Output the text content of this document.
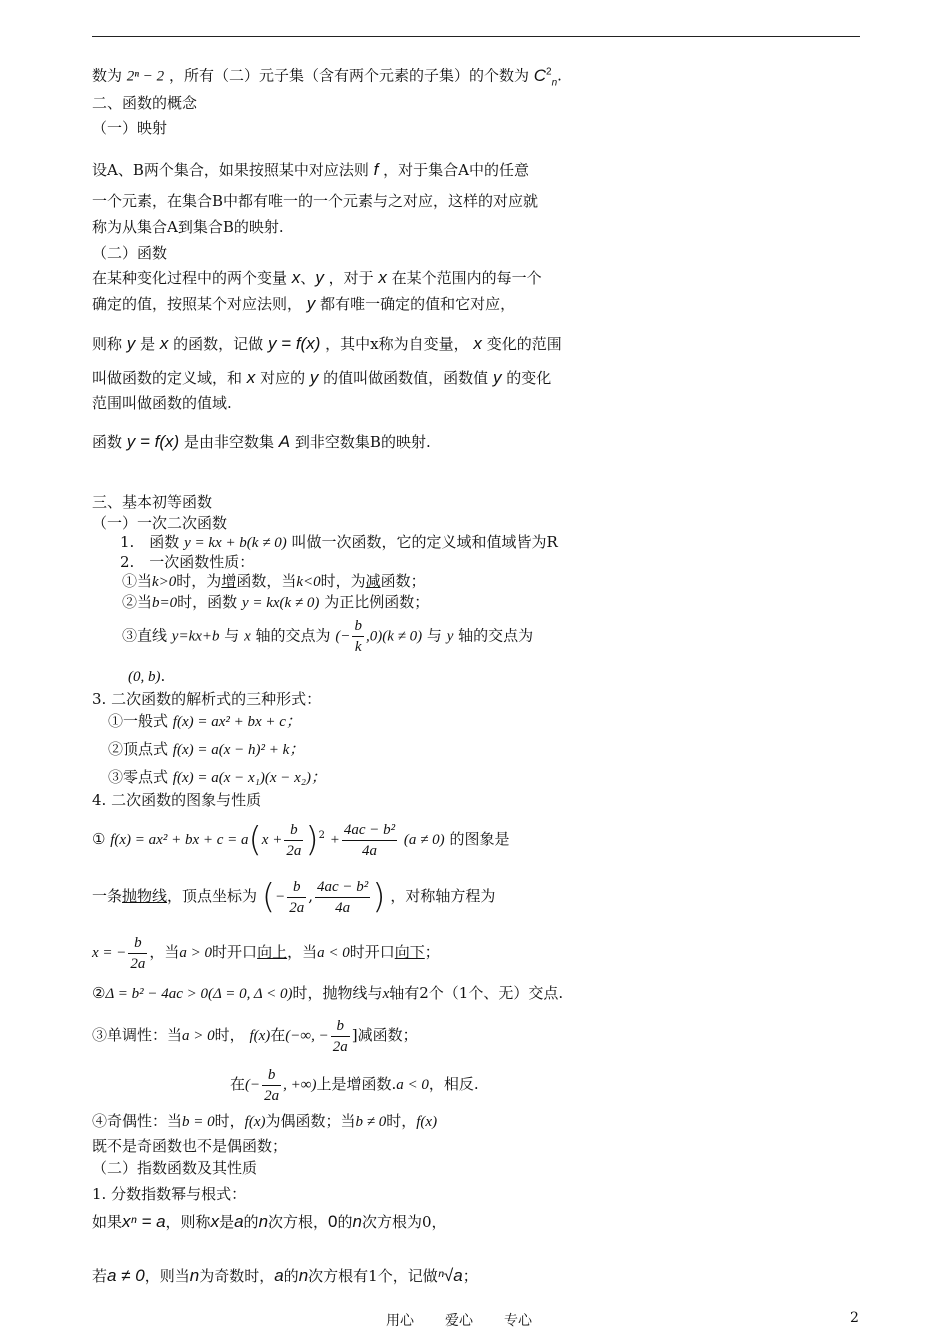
数为 2ⁿ − 2 ，所有（二）元子集（含有两个元素的子集）的个数为 $C^2_n$.
二、函数的概念
（一）映射
设A、B两个集合，如果按照某中对应法则 f ，对于集合A中的任意
一个元素，在集合B中都有唯一的一个元素与之对应，这样的对应就
称为从集合A到集合B的映射.
（二）函数
在某种变化过程中的两个变量 x、y ，对于 x 在某个范围内的每一个
确定的值，按照某个对应法则， y 都有唯一确定的值和它对应，
则称 y 是 x 的函数，记做 y = f(x) ，其中x称为自变量， x 变化的范围
叫做函数的定义域，和 x 对应的 y 的值叫做函数值，函数值 y 的变化
范围叫做函数的值域.
函数 y = f(x) 是由非空数集 A 到非空数集B的映射.
三、基本初等函数
（一）一次二次函数
1.　函数 y = kx + b(k ≠ 0) 叫做一次函数，它的定义域和值域皆为R
2.　一次函数性质：
①当k>0时，为增函数，当k<0时，为减函数；
②当b=0时，函数 y = kx(k ≠ 0) 为正比例函数；
③直线 y=kx+b 与 x 轴的交点为 (− $\frac{b}{k} ,0)(k \ne 0)$ 与 y 轴的交点为
(0, b).
3. 二次函数的解析式的三种形式：
①一般式 f(x) = ax² + bx + c；
②顶点式 f(x) = a(x − h)² + k；
③零点式 f(x) = a(x − x₁)(x − x₂)；
4. 二次函数的图象与性质
① f(x) = ax² + bx + $c = a(x + \frac{b}{2a} )^2 + \frac{\text{4ac − b²}}{4a} (a \ne 0)$ 的图象是
一条抛物线，顶点坐标为 (− $\frac{b}{2a}$ , $\frac{\text{4ac − b²}}{4a}$ ) ，对称轴方程为
x = − $\frac{b}{2a}$ ，当a > 0时开口向上，当a < 0时开口向下；
②Δ = b² − 4ac > 0(Δ = 0, Δ < 0)时，抛物线与x轴有2个（1个、无）交点.
③单调性：当a > 0时， f(x)在(−∞, − $\frac{b}{2a}$ ]减函数；
在(− $\frac{b}{2a}$ , +∞)上是增函数.a < 0，相反.
④奇偶性：当b = 0时，f(x)为偶函数；当b ≠ 0时，f(x)
既不是奇函数也不是偶函数；
（二）指数函数及其性质
1. 分数指数幂与根式：
如果xⁿ = a，则称x是a的n次方根，0的n次方根为0，
若a ≠ 0，则当n为奇数时，a的n次方根有1个，记做ⁿ√a；
用心 爱心 专心	2
